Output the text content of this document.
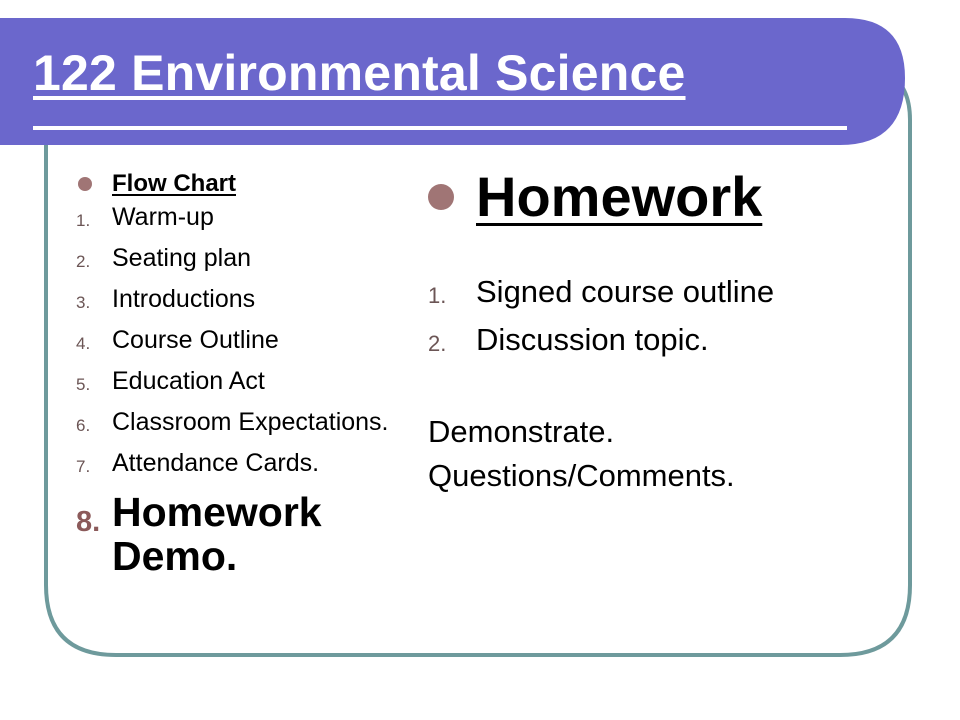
122 Environmental Science
Flow Chart
1. Warm-up
2. Seating plan
3. Introductions
4. Course Outline
5. Education Act
6. Classroom Expectations.
7. Attendance Cards.
8. Homework Demo.
Homework
1. Signed course outline
2. Discussion topic.

Demonstrate.

Questions/Comments.
